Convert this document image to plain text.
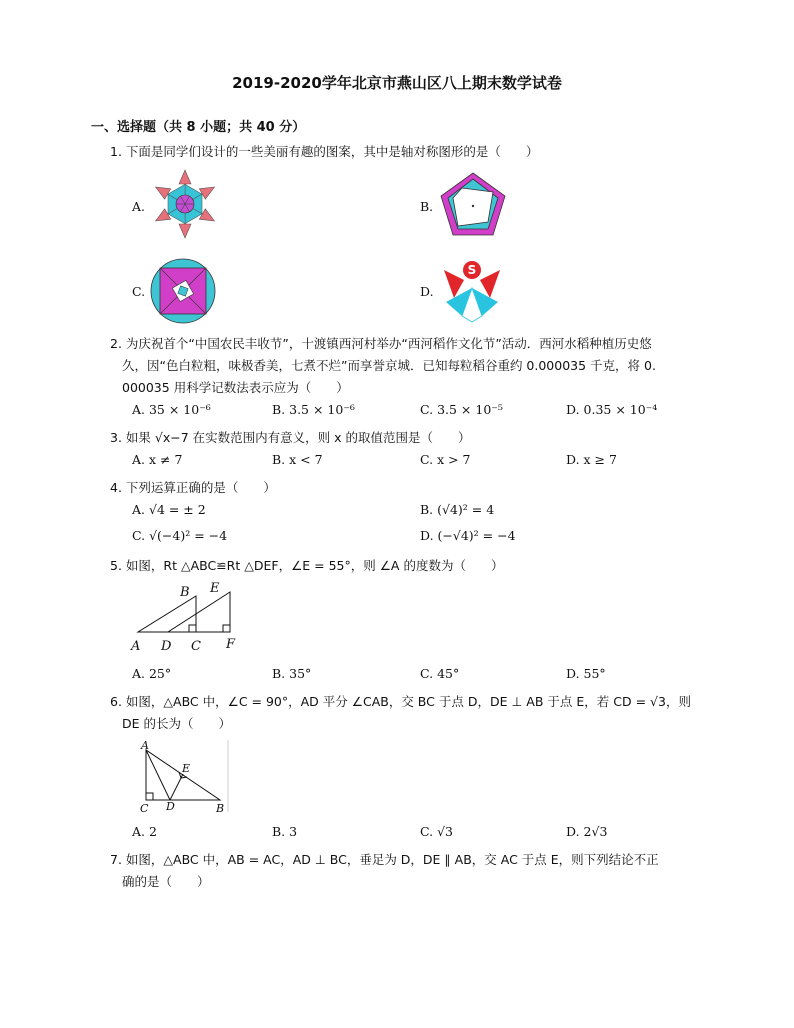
2019-2020学年北京市燕山区八上期末数学试卷
一、选择题（共 8 小题；共 40 分）
1. 下面是同学们设计的一些美丽有趣的图案，其中是轴对称图形的是（　　）
A.	B.
C.	D.
S
2. 为庆祝首个“中国农民丰收节”，十渡镇西河村举办“西河稻作文化节”活动．西河水稻种植历史悠
久，因“色白粒粗，味极香美，七煮不烂”而享誉京城．已知每粒稻谷重约 0.000035 千克，将 0.
000035 用科学记数法表示应为（　　）
A. 35 × 10⁻⁶	B. 3.5 × 10⁻⁶	C. 3.5 × 10⁻⁵	D. 0.35 × 10⁻⁴
3. 如果 √x−7 在实数范围内有意义，则 x 的取值范围是（　　）
A. x ≠ 7	B. x < 7	C. x > 7	D. x ≥ 7
4. 下列运算正确的是（　　）
A. √4 = ± 2	B. (√4)² = 4
C. √(−4)² = −4	D. (−√4)² = −4
5. 如图，Rt △ABC≌Rt △DEF，∠E = 55°，则 ∠A 的度数为（　　）
A D C F
B E
A. 25°	B. 35°	C. 45°	D. 55°
6. 如图，△ABC 中，∠C = 90°，AD 平分 ∠CAB，交 BC 于点 D，DE ⊥ AB 于点 E，若 CD = √3，则
DE 的长为（　　）
A
E
C D	B
A. 2	B. 3	C. √3	D. 2√3
7. 如图，△ABC 中，AB = AC，AD ⊥ BC，垂足为 D，DE ∥ AB，交 AC 于点 E，则下列结论不正
确的是（　　）
